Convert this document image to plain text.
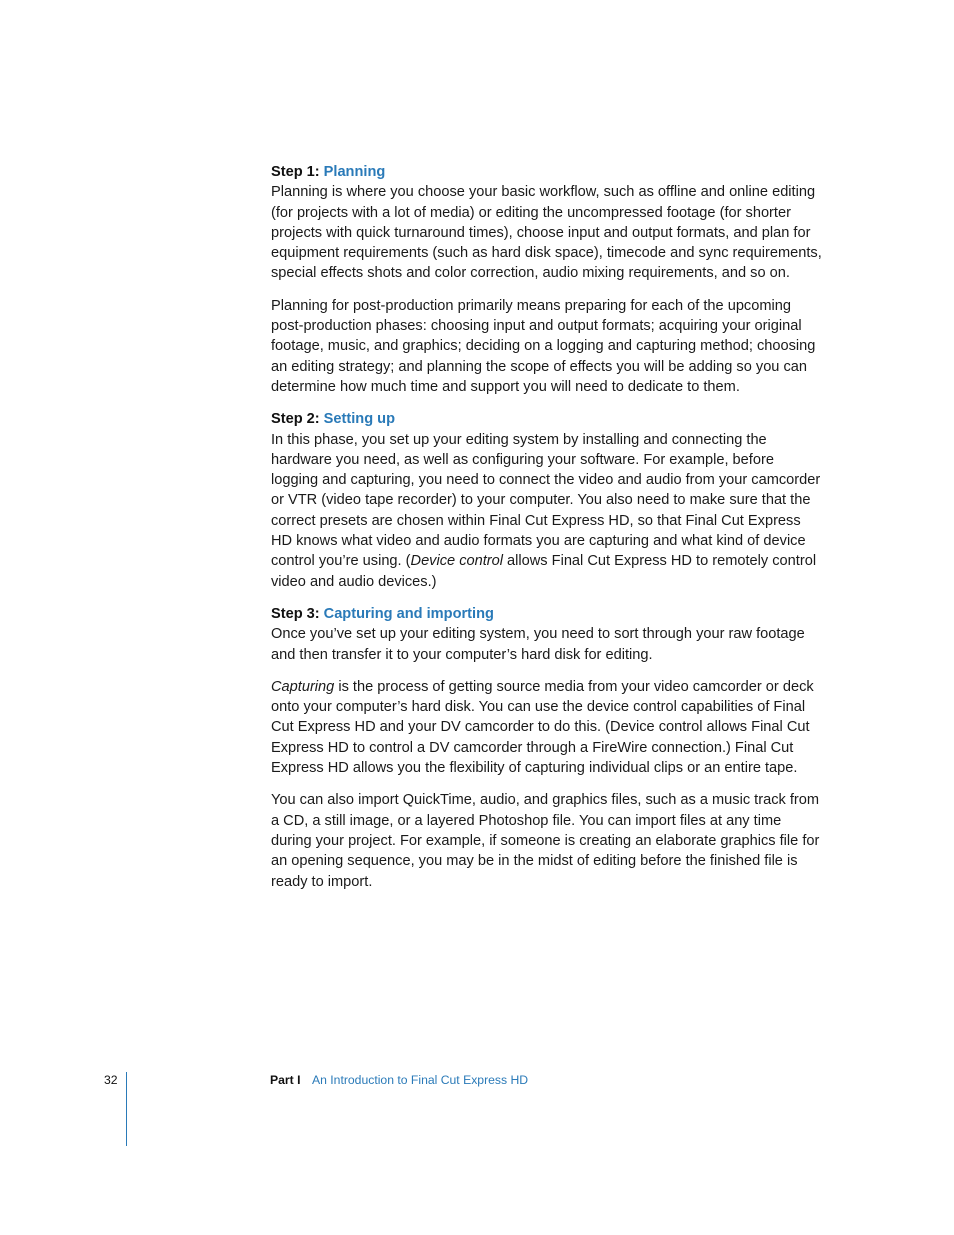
Step 1: Planning

Planning is where you choose your basic workflow, such as offline and online editing (for projects with a lot of media) or editing the uncompressed footage (for shorter projects with quick turnaround times), choose input and output formats, and plan for equipment requirements (such as hard disk space), timecode and sync requirements, special effects shots and color correction, audio mixing requirements, and so on.

Planning for post-production primarily means preparing for each of the upcoming post-production phases: choosing input and output formats; acquiring your original footage, music, and graphics; deciding on a logging and capturing method; choosing an editing strategy; and planning the scope of effects you will be adding so you can determine how much time and support you will need to dedicate to them.

Step 2: Setting up

In this phase, you set up your editing system by installing and connecting the hardware you need, as well as configuring your software. For example, before logging and capturing, you need to connect the video and audio from your camcorder or VTR (video tape recorder) to your computer. You also need to make sure that the correct presets are chosen within Final Cut Express HD, so that Final Cut Express HD knows what video and audio formats you are capturing and what kind of device control you’re using. (Device control allows Final Cut Express HD to remotely control video and audio devices.)

Step 3: Capturing and importing

Once you’ve set up your editing system, you need to sort through your raw footage and then transfer it to your computer’s hard disk for editing.

Capturing is the process of getting source media from your video camcorder or deck onto your computer’s hard disk. You can use the device control capabilities of Final Cut Express HD and your DV camcorder to do this. (Device control allows Final Cut Express HD to control a DV camcorder through a FireWire connection.) Final Cut Express HD allows you the flexibility of capturing individual clips or an entire tape.

You can also import QuickTime, audio, and graphics files, such as a music track from a CD, a still image, or a layered Photoshop file. You can import files at any time during your project. For example, if someone is creating an elaborate graphics file for an opening sequence, you may be in the midst of editing before the finished file is ready to import.

32	Part I An Introduction to Final Cut Express HD
